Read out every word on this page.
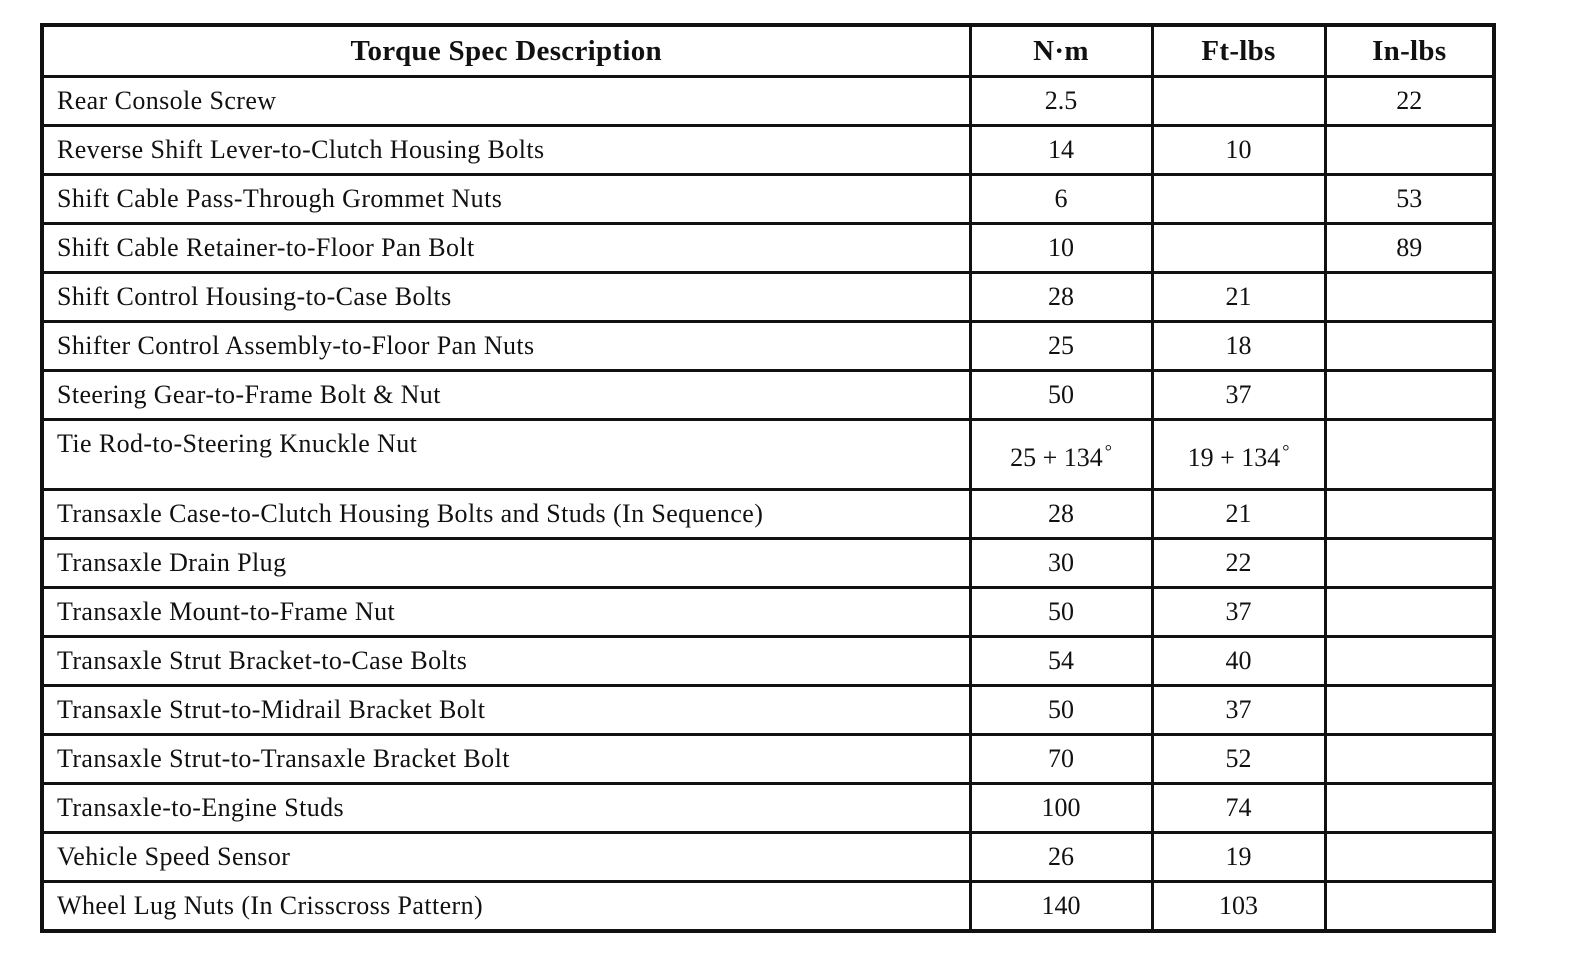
Torque Spec Description	N·m	Ft-lbs	In-lbs
Rear Console Screw	2.5		22
Reverse Shift Lever-to-Clutch Housing Bolts	14	10	
Shift Cable Pass-Through Grommet Nuts	6		53
Shift Cable Retainer-to-Floor Pan Bolt	10		89
Shift Control Housing-to-Case Bolts	28	21	
Shifter Control Assembly-to-Floor Pan Nuts	25	18	
Steering Gear-to-Frame Bolt & Nut	50	37	
Tie Rod-to-Steering Knuckle Nut	25 + 134 °	19 + 134 °	
Transaxle Case-to-Clutch Housing Bolts and Studs (In Sequence)	28	21	
Transaxle Drain Plug	30	22	
Transaxle Mount-to-Frame Nut	50	37	
Transaxle Strut Bracket-to-Case Bolts	54	40	
Transaxle Strut-to-Midrail Bracket Bolt	50	37	
Transaxle Strut-to-Transaxle Bracket Bolt	70	52	
Transaxle-to-Engine Studs	100	74	
Vehicle Speed Sensor	26	19	
Wheel Lug Nuts (In Crisscross Pattern)	140	103	
